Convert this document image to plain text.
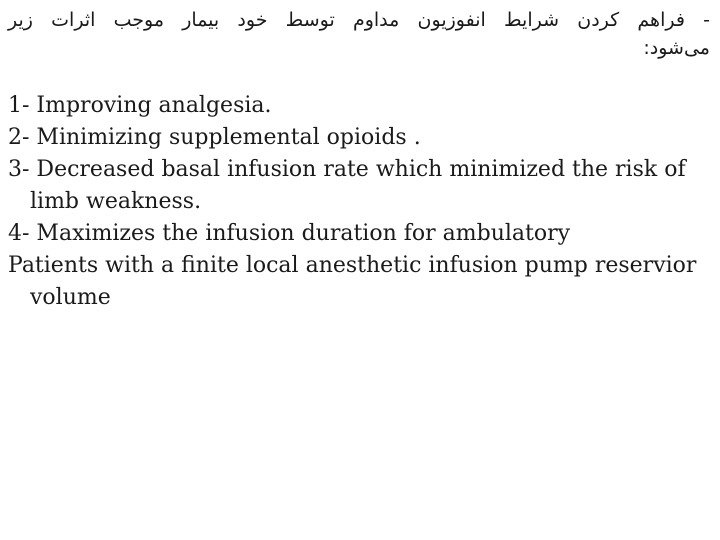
- فراهم کردن شرایط انفوزیون مداوم توسط خود بیمار موجب اثرات زیر
می‌شود:

1- Improving analgesia.

2- Minimizing supplemental opioids .

3- Decreased basal infusion rate which minimized the risk of limb weakness.

4- Maximizes the infusion duration for ambulatory

Patients with a finite local anesthetic infusion pump reservior volume
